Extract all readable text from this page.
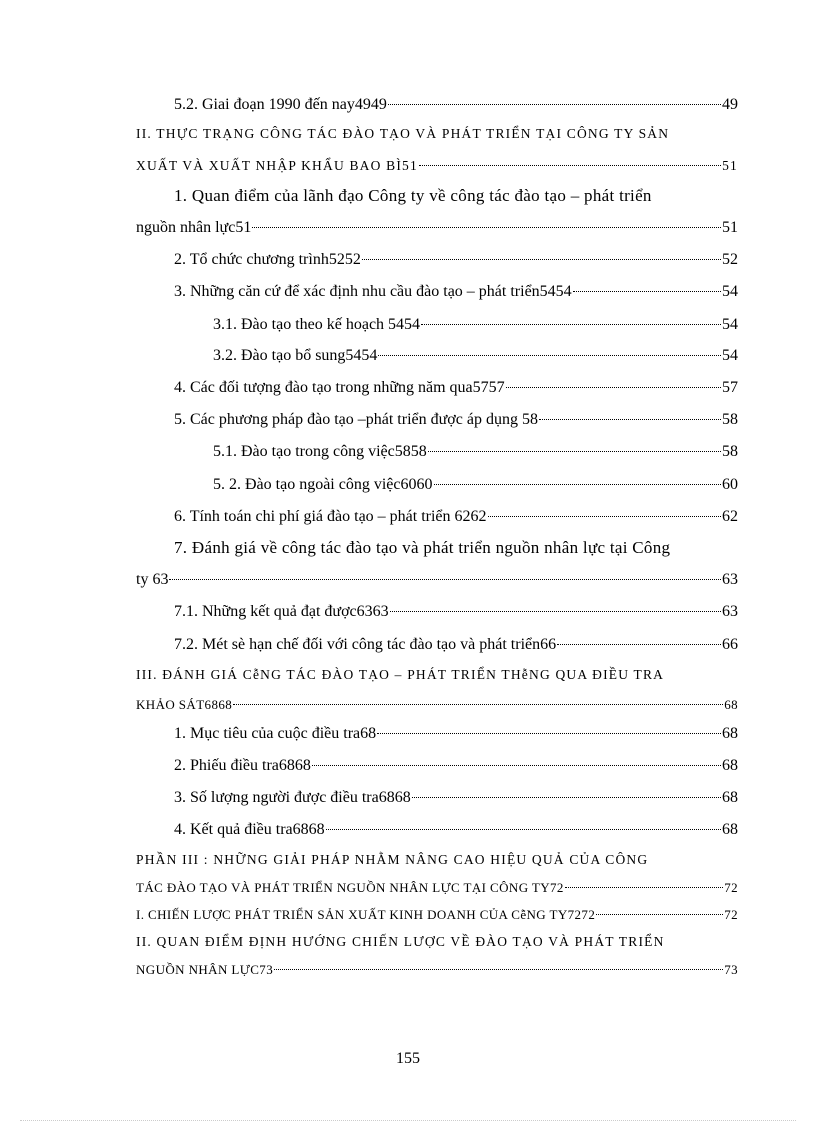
5.2. Giai đoạn 1990 đến nay4949	49
II. THỰC TRẠNG CÔNG TÁC ĐÀO TẠO VÀ PHÁT TRIỂN TẠI CÔNG TY SẢN
XUẤT VÀ XUẤT NHẬP KHẨU BAO BÌ51	51
1. Quan điểm của lãnh đạo Công ty về công tác đào tạo – phát triển
nguồn nhân lực51	51
2. Tổ chức chương trình5252	52
3. Những căn cứ để xác định nhu cầu đào tạo – phát triển5454	54
3.1. Đào tạo theo kế hoạch 5454	54
3.2. Đào tạo bổ sung5454	54
4. Các đối tượng đào tạo trong những năm qua5757	57
5. Các phương pháp đào tạo –phát triển được áp dụng 58	58
5.1. Đào tạo trong công việc5858	58
5. 2. Đào tạo ngoài công việc6060	60
6. Tính toán chi phí giá đào tạo – phát triển 6262	62
7. Đánh giá về công tác đào tạo và phát triển nguồn nhân lực tại Công
ty 63	63
7.1. Những kết quả đạt được6363	63
7.2. Mét sè hạn chế đối với công tác đào tạo và phát triển66	66
III. ĐÁNH GIÁ CễNG TÁC ĐÀO TẠO – PHÁT TRIỂN THễNG QUA ĐIỀU TRA
KHẢO SÁT6868	68
1. Mục tiêu của cuộc điều tra68	68
2. Phiếu điều tra6868	68
3. Số lượng người được điều tra6868	68
4. Kết quả điều tra6868	68
PHẦN III : NHỮNG GIẢI PHÁP NHẰM NÂNG CAO HIỆU QUẢ CỦA CÔNG
TÁC ĐÀO TẠO VÀ PHÁT TRIỂN NGUỒN NHÂN LỰC TẠI CÔNG TY72	72
I. CHIẾN LƯỢC PHÁT TRIỂN SẢN XUẤT KINH DOANH CỦA CễNG TY7272	72
II. QUAN ĐIỂM ĐỊNH HƯỚNG CHIẾN LƯỢC VỀ ĐÀO TẠO VÀ PHÁT TRIỂN
NGUỒN NHÂN LỰC73	73
155
